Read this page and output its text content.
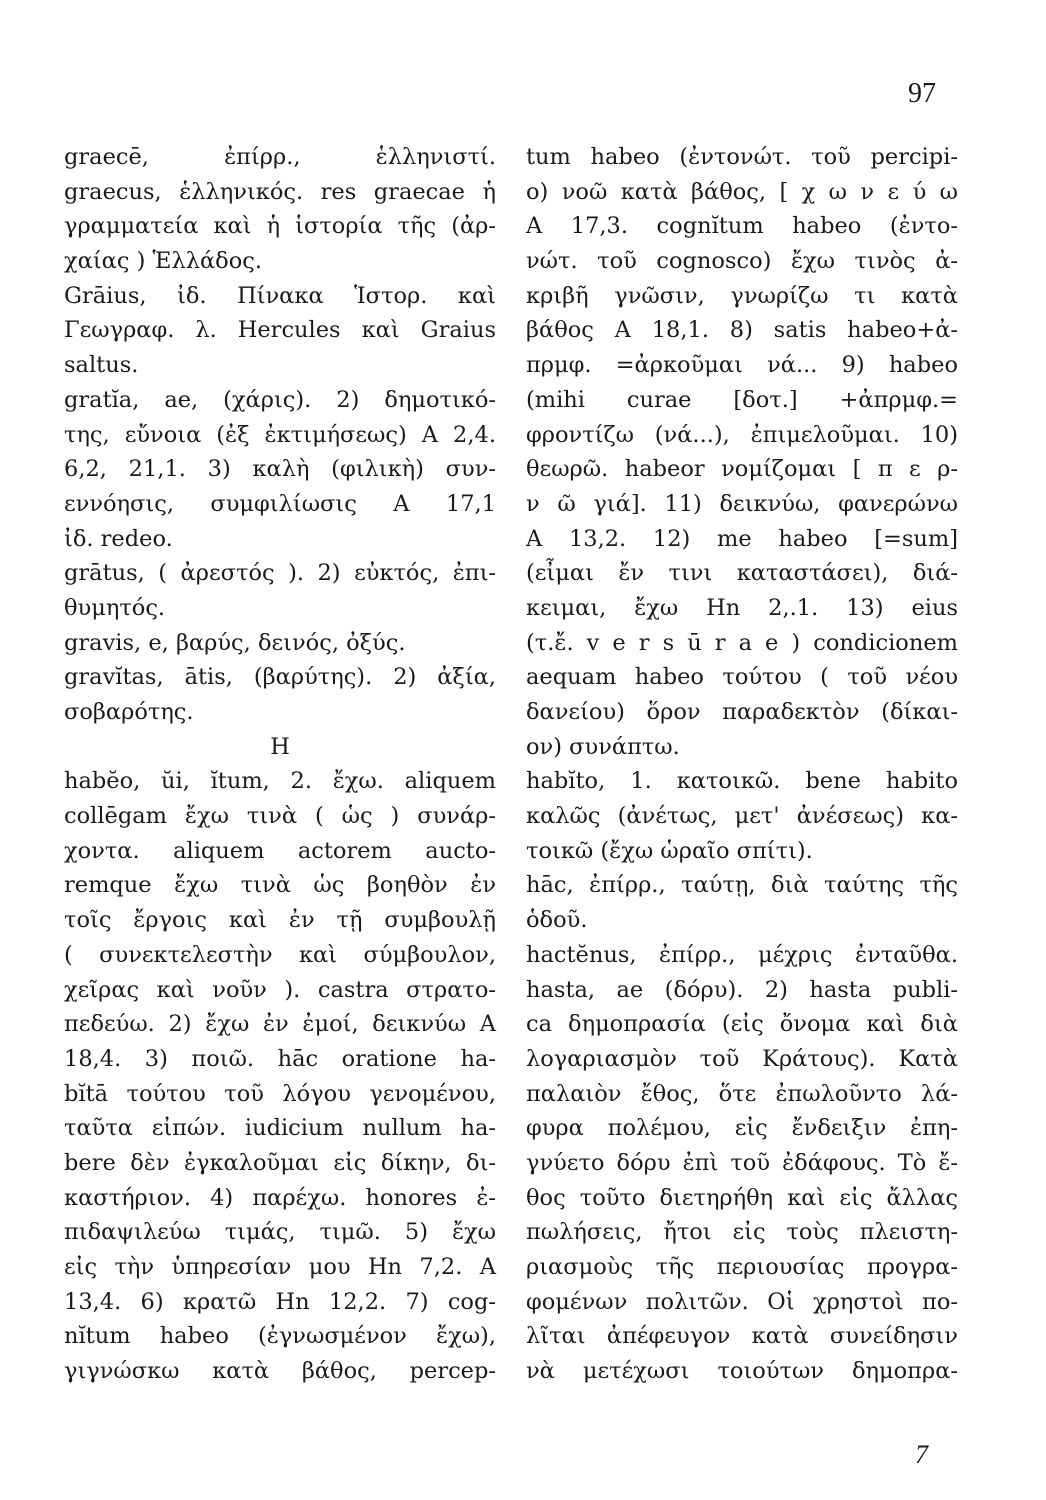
97
graecē, ἐπίρρ., ἑλληνιστί.
graecus, ἑλληνικός. res graecae ἡ
γραμματεία καὶ ἡ ἱστορία τῆς (ἀρ-
χαίας ) Ἑλλάδος.
Grāius, ἰδ. Πίνακα Ἱστορ. καὶ
Γεωγραφ. λ. Hercules καὶ Graius
saltus.
gratĭa, ae, (χάρις). 2) δημοτικό-
της, εὔνοια (ἐξ ἐκτιμήσεως) Α 2,4.
6,2, 21,1. 3) καλὴ (φιλικὴ) συν-
εννόησις, συμφιλίωσις Α 17,1
ἰδ. redeo.
grātus, ( ἀρεστός ). 2) εὐκτός, ἐπι-
θυμητός.
gravis, e, βαρύς, δεινός, ὀξύς.
gravĭtas, ātis, (βαρύτης). 2) ἀξία,
σοβαρότης.
H
habĕo, ŭi, ĭtum, 2. ἔχω. aliquem
collēgam ἔχω τινὰ ( ὡς ) συνάρ-
χοντα. aliquem actorem aucto-
remque ἔχω τινὰ ὡς βοηθὸν ἐν
τοῖς ἔργοις καὶ ἐν τῇ συμβουλῇ
( συνεκτελεστὴν καὶ σύμβουλον,
χεῖρας καὶ νοῦν ). castra στρατο-
πεδεύω. 2) ἔχω ἐν ἐμοί, δεικνύω Α
18,4. 3) ποιῶ. hāc oratione ha-
bĭtā τούτου τοῦ λόγου γενομένου,
ταῦτα εἰπών. iudicium nullum ha-
bere δὲν ἐγκαλοῦμαι εἰς δίκην, δι-
καστήριον. 4) παρέχω. honores ἐ-
πιδαψιλεύω τιμάς, τιμῶ. 5) ἔχω
εἰς τὴν ὑπηρεσίαν μου Hn 7,2. Α
13,4. 6) κρατῶ Hn 12,2. 7) cog-
nĭtum habeo (ἐγνωσμένον ἔχω),
γιγνώσκω κατὰ βάθος, percep-
tum habeo (ἐντονώτ. τοῦ percipi-
o) νοῶ κατὰ βάθος, [ χ ω ν ε ύ ω
Α 17,3. cognĭtum habeo (ἐντο-
νώτ. τοῦ cognosco) ἔχω τινὸς ἀ-
κριβῆ γνῶσιν, γνωρίζω τι κατὰ
βάθος Α 18,1. 8) satis habeo+ἀ-
πρμφ. =ἀρκοῦμαι νά... 9) habeo
(mihi curae [δοτ.] +ἀπρμφ.=
φροντίζω (νά...), ἐπιμελοῦμαι. 10)
θεωρῶ. habeor νομίζομαι [ π ε ρ-
ν ῶ γιά]. 11) δεικνύω, φανερώνω
Α 13,2. 12) me habeo [=sum]
(εἶμαι ἔν τινι καταστάσει), διά-
κειμαι, ἔχω Hn 2,.1. 13) eius
(τ.ἔ. v e r s ū r a e ) condicionem
aequam habeo τούτου ( τοῦ νέου
δανείου) ὅρον παραδεκτὸν (δίκαι-
ον) συνάπτω.
habĭto, 1. κατοικῶ. bene habito
καλῶς (ἀνέτως, μετ' ἀνέσεως) κα-
τοικῶ (ἔχω ὡραῖο σπίτι).
hāc, ἐπίρρ., ταύτῃ, διὰ ταύτης τῆς
ὁδοῦ.
hactĕnus, ἐπίρρ., μέχρις ἐνταῦθα.
hasta, ae (δόρυ). 2) hasta publi-
ca δημοπρασία (εἰς ὄνομα καὶ διὰ
λογαριασμὸν τοῦ Κράτους). Κατὰ
παλαιὸν ἔθος, ὅτε ἐπωλοῦντο λά-
φυρα πολέμου, εἰς ἔνδειξιν ἐπη-
γνύετο δόρυ ἐπὶ τοῦ ἐδάφους. Τὸ ἔ-
θος τοῦτο διετηρήθη καὶ εἰς ἄλλας
πωλήσεις, ἤτοι εἰς τοὺς πλειστη-
ριασμοὺς τῆς περιουσίας προγρα-
φομένων πολιτῶν. Οἱ χρηστοὶ πο-
λῖται ἀπέφευγον κατὰ συνείδησιν
νὰ μετέχωσι τοιούτων δημοπρα-
7
